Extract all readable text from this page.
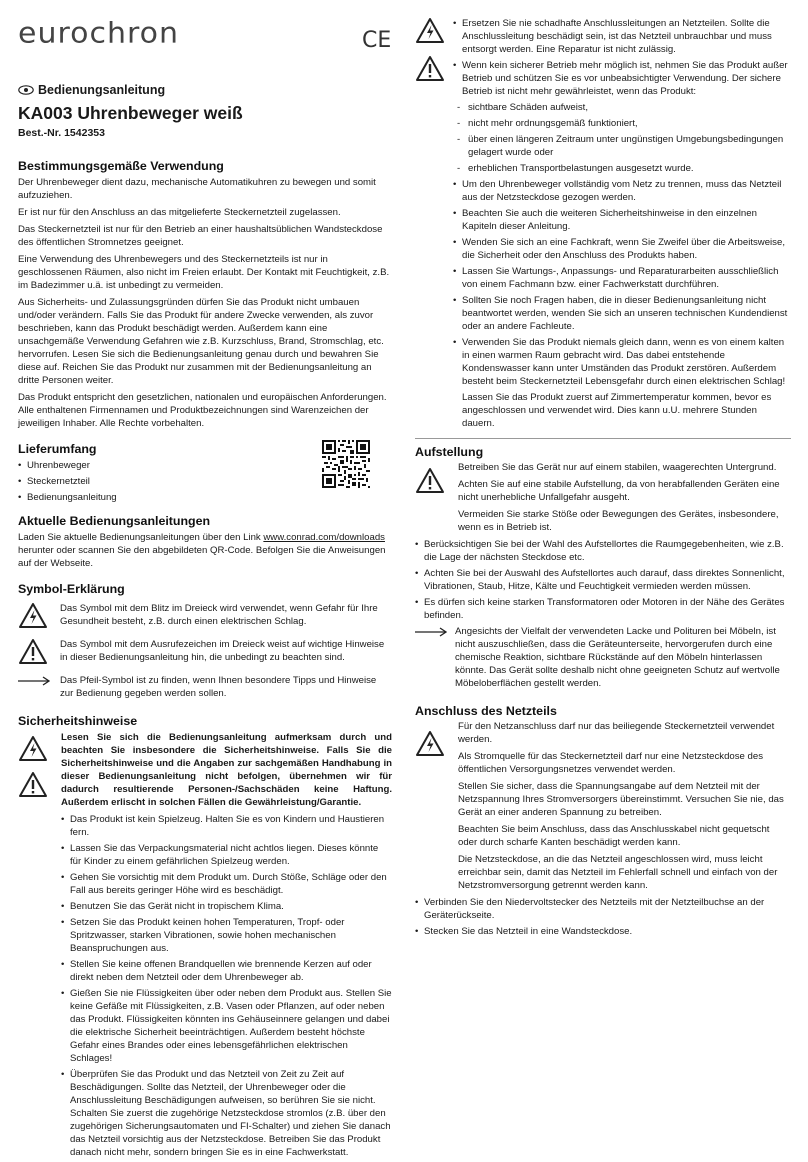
eurochron	CE
Bedienungsanleitung
KA003 Uhrenbeweger weiß
Best.-Nr. 1542353
Bestimmungsgemäße Verwendung

Der Uhrenbeweger dient dazu, mechanische Automatikuhren zu bewegen und somit aufzuziehen.

Er ist nur für den Anschluss an das mitgelieferte Steckernetzteil zugelassen.

Das Steckernetzteil ist nur für den Betrieb an einer haushaltsüblichen Wandsteckdose des öffentlichen Stromnetzes geeignet.

Eine Verwendung des Uhrenbewegers und des Steckernetzteils ist nur in geschlossenen Räumen, also nicht im Freien erlaubt. Der Kontakt mit Feuchtigkeit, z.B. im Badezimmer u.ä. ist unbedingt zu vermeiden.

Aus Sicherheits- und Zulassungsgründen dürfen Sie das Produkt nicht umbauen und/oder verändern. Falls Sie das Produkt für andere Zwecke verwenden, als zuvor beschrieben, kann das Produkt beschädigt werden. Außerdem kann eine unsachgemäße Verwendung Gefahren wie z.B. Kurzschluss, Brand, Stromschlag, etc. hervorrufen. Lesen Sie sich die Bedienungsanleitung genau durch und bewahren Sie diese auf. Reichen Sie das Produkt nur zusammen mit der Bedienungsanleitung an dritte Personen weiter.

Das Produkt entspricht den gesetzlichen, nationalen und europäischen Anforderungen. Alle enthaltenen Firmennamen und Produktbezeichnungen sind Warenzeichen der jeweiligen Inhaber. Alle Rechte vorbehalten.

Lieferumfang
• Uhrenbeweger
• Steckernetzteil
• Bedienungsanleitung
Aktuelle Bedienungsanleitungen

Laden Sie aktuelle Bedienungsanleitungen über den Link www.conrad.com/downloads herunter oder scannen Sie den abgebildeten QR-Code. Befolgen Sie die Anweisungen auf der Webseite.

Symbol-Erklärung

Das Symbol mit dem Blitz im Dreieck wird verwendet, wenn Gefahr für Ihre Gesundheit besteht, z.B. durch einen elektrischen Schlag.

Das Symbol mit dem Ausrufezeichen im Dreieck weist auf wichtige Hinweise in dieser Bedienungsanleitung hin, die unbedingt zu beachten sind.

Das Pfeil-Symbol ist zu finden, wenn Ihnen besondere Tipps und Hinweise zur Bedienung gegeben werden sollen.

Sicherheitshinweise

Lesen Sie sich die Bedienungsanleitung aufmerksam durch und beachten Sie insbesondere die Sicherheitshinweise. Falls Sie die Sicherheitshinweise und die Angaben zur sachgemäßen Handhabung in dieser Bedienungsanleitung nicht befolgen, übernehmen wir für dadurch resultierende Personen-/Sachschäden keine Haftung. Außerdem erlischt in solchen Fällen die Gewährleistung/Garantie.

• Das Produkt ist kein Spielzeug. Halten Sie es von Kindern und Haustieren fern.
• Lassen Sie das Verpackungsmaterial nicht achtlos liegen. Dieses könnte für Kinder zu einem gefährlichen Spielzeug werden.
• Gehen Sie vorsichtig mit dem Produkt um. Durch Stöße, Schläge oder den Fall aus bereits geringer Höhe wird es beschädigt.
• Benutzen Sie das Gerät nicht in tropischem Klima.
• Setzen Sie das Produkt keinen hohen Temperaturen, Tropf- oder Spritzwasser, starken Vibrationen, sowie hohen mechanischen Beanspruchungen aus.
• Stellen Sie keine offenen Brandquellen wie brennende Kerzen auf oder direkt neben dem Netzteil oder dem Uhrenbeweger ab.
• Gießen Sie nie Flüssigkeiten über oder neben dem Produkt aus. Stellen Sie keine Gefäße mit Flüssigkeiten, z.B. Vasen oder Pflanzen, auf oder neben das Produkt. Flüssigkeiten könnten ins Gehäuseinnere gelangen und dabei die elektrische Sicherheit beeinträchtigen. Außerdem besteht höchste Gefahr eines Brandes oder eines lebensgefährlichen elektrischen Schlages!
• Überprüfen Sie das Produkt und das Netzteil von Zeit zu Zeit auf Beschädigungen. Sollte das Netzteil, der Uhrenbeweger oder die Anschlussleitung Beschädigungen aufweisen, so berühren Sie sie nicht. Schalten Sie zuerst die zugehörige Netzsteckdose stromlos (z.B. über den zugehörigen Sicherungsautomaten und FI-Schalter) und ziehen Sie danach das Netzteil vorsichtig aus der Netzsteckdose. Betreiben Sie das Produkt danach nicht mehr, sondern bringen Sie es in eine Fachwerkstatt.
• Ersetzen Sie nie schadhafte Anschlussleitungen an Netzteilen. Sollte die Anschlussleitung beschädigt sein, ist das Netzteil unbrauchbar und muss entsorgt werden. Eine Reparatur ist nicht zulässig.
• Wenn kein sicherer Betrieb mehr möglich ist, nehmen Sie das Produkt außer Betrieb und schützen Sie es vor unbeabsichtigter Verwendung. Der sichere Betrieb ist nicht mehr gewährleistet, wenn das Produkt:
- sichtbare Schäden aufweist,
- nicht mehr ordnungsgemäß funktioniert,
- über einen längeren Zeitraum unter ungünstigen Umgebungsbedingungen gelagert wurde oder
- erheblichen Transportbelastungen ausgesetzt wurde.
• Um den Uhrenbeweger vollständig vom Netz zu trennen, muss das Netzteil aus der Netzsteckdose gezogen werden.
• Beachten Sie auch die weiteren Sicherheitshinweise in den einzelnen Kapiteln dieser Anleitung.
• Wenden Sie sich an eine Fachkraft, wenn Sie Zweifel über die Arbeitsweise, die Sicherheit oder den Anschluss des Produkts haben.
• Lassen Sie Wartungs-, Anpassungs- und Reparaturarbeiten ausschließlich von einem Fachmann bzw. einer Fachwerkstatt durchführen.
• Sollten Sie noch Fragen haben, die in dieser Bedienungsanleitung nicht beantwortet werden, wenden Sie sich an unseren technischen Kundendienst oder an andere Fachleute.
• Verwenden Sie das Produkt niemals gleich dann, wenn es von einem kalten in einen warmen Raum gebracht wird. Das dabei entstehende Kondenswasser kann unter Umständen das Produkt zerstören. Außerdem besteht beim Steckernetzteil Lebensgefahr durch einen elektrischen Schlag!

Lassen Sie das Produkt zuerst auf Zimmertemperatur kommen, bevor es angeschlossen und verwendet wird. Dies kann u.U. mehrere Stunden dauern.

Aufstellung

Betreiben Sie das Gerät nur auf einem stabilen, waagerechten Untergrund.

Achten Sie auf eine stabile Aufstellung, da von herabfallenden Geräten eine nicht unerhebliche Unfallgefahr ausgeht.

Vermeiden Sie starke Stöße oder Bewegungen des Gerätes, insbesondere, wenn es in Betrieb ist.

• Berücksichtigen Sie bei der Wahl des Aufstellortes die Raumgegebenheiten, wie z.B. die Lage der nächsten Steckdose etc.
• Achten Sie bei der Auswahl des Aufstellortes auch darauf, dass direktes Sonnenlicht, Vibrationen, Staub, Hitze, Kälte und Feuchtigkeit vermieden werden müssen.
• Es dürfen sich keine starken Transformatoren oder Motoren in der Nähe des Gerätes befinden.

Angesichts der Vielfalt der verwendeten Lacke und Polituren bei Möbeln, ist nicht auszuschließen, dass die Geräteunterseite, hervorgerufen durch eine chemische Reaktion, sichtbare Rückstände auf den Möbeln hinterlassen könnte. Das Gerät sollte deshalb nicht ohne geeigneten Schutz auf wertvolle Möbeloberflächen gestellt werden.

Anschluss des Netzteils

Für den Netzanschluss darf nur das beiliegende Steckernetzteil verwendet werden.

Als Stromquelle für das Steckernetzteil darf nur eine Netzsteckdose des öffentlichen Versorgungsnetzes verwendet werden.

Stellen Sie sicher, dass die Spannungsangabe auf dem Netzteil mit der Netzspannung Ihres Stromversorgers übereinstimmt. Versuchen Sie nie, das Gerät an einer anderen Spannung zu betreiben.

Beachten Sie beim Anschluss, dass das Anschlusskabel nicht gequetscht oder durch scharfe Kanten beschädigt werden kann.

Die Netzsteckdose, an die das Netzteil angeschlossen wird, muss leicht erreichbar sein, damit das Netzteil im Fehlerfall schnell und einfach von der Netzstromversorgung getrennt werden kann.

• Verbinden Sie den Niedervoltstecker des Netzteils mit der Netzteilbuchse an der Geräterückseite.
• Stecken Sie das Netzteil in eine Wandsteckdose.
